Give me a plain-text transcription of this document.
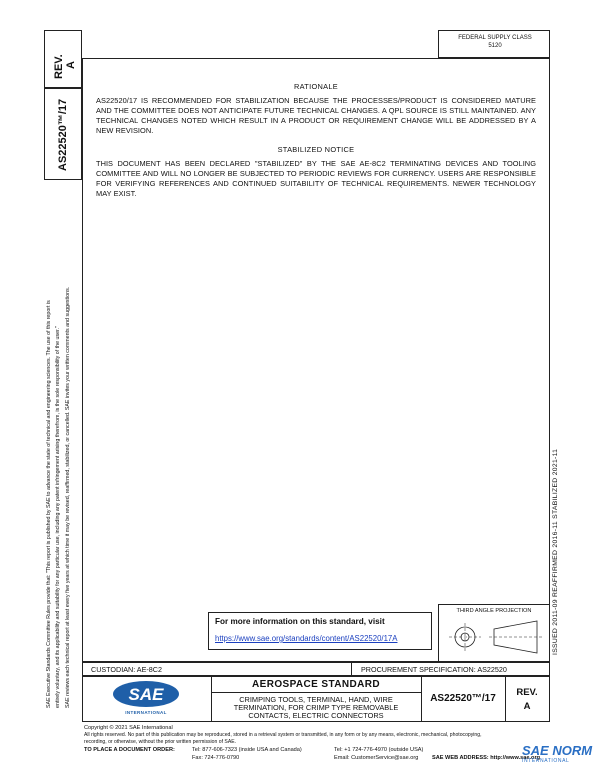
FEDERAL SUPPLY CLASS
5120
REV. A
AS22520™/17
SAE Executive Standards Committee Rules provide that: "This report is published by SAE to advance the state of technical and engineering sciences. The use of this report is entirely voluntary, and its applicability and suitability for any particular use, including any patent infringement arising therefrom, is the sole responsibility of the user." SAE reviews each technical report at least every five years at which time it may be revised, reaffirmed, stabilized, or cancelled. SAE invites your written comments and suggestions.	ISSUED 2011-09 REAFFIRMED 2016-11 STABILIZED 2021-11
RATIONALE
AS22520/17 IS RECOMMENDED FOR STABILIZATION BECAUSE THE PROCESSES/PRODUCT IS CONSIDERED MATURE AND THE COMMITTEE DOES NOT ANTICIPATE FUTURE TECHNICAL CHANGES. A QPL SOURCE IS STILL MAINTAINED. ANY TECHNICAL CHANGES NOTED WHICH RESULT IN A PRODUCT OR REQUIREMENT CHANGE WILL BE ADDRESSED BY A NEW REVISION.
STABILIZED NOTICE
THIS DOCUMENT HAS BEEN DECLARED "STABILIZED" BY THE SAE AE-8C2 TERMINATING DEVICES AND TOOLING COMMITTEE AND WILL NO LONGER BE SUBJECTED TO PERIODIC REVIEWS FOR CURRENCY. USERS ARE RESPONSIBLE FOR VERIFYING REFERENCES AND CONTINUED SUITABILITY OF TECHNICAL REQUIREMENTS. NEWER TECHNOLOGY MAY EXIST.
For more information on this standard, visit
https://www.sae.org/standards/content/AS22520/17A
THIRD ANGLE PROJECTION
CUSTODIAN: AE-8C2	PROCUREMENT SPECIFICATION: AS22520
SAE
INTERNATIONAL
AEROSPACE STANDARD
CRIMPING TOOLS, TERMINAL, HAND, WIRE
TERMINATION, FOR CRIMP TYPE REMOVABLE
CONTACTS, ELECTRIC CONNECTORS
AS22520™/17
REV.
A
Copyright © 2021 SAE International
All rights reserved. No part of this publication may be reproduced, stored in a retrieval system or transmitted, in any form or by any means, electronic, mechanical, photocopying,
recording, or otherwise, without the prior written permission of SAE.
TO PLACE A DOCUMENT ORDER:	Tel: 877-606-7323 (inside USA and Canada)
Fax: 724-776-0790
Tel: +1 724-776-4970 (outside USA)
Email: CustomerService@sae.org SAE WEB ADDRESS: http://www.sae.org
SAE NORM
INTERNATIONAL
